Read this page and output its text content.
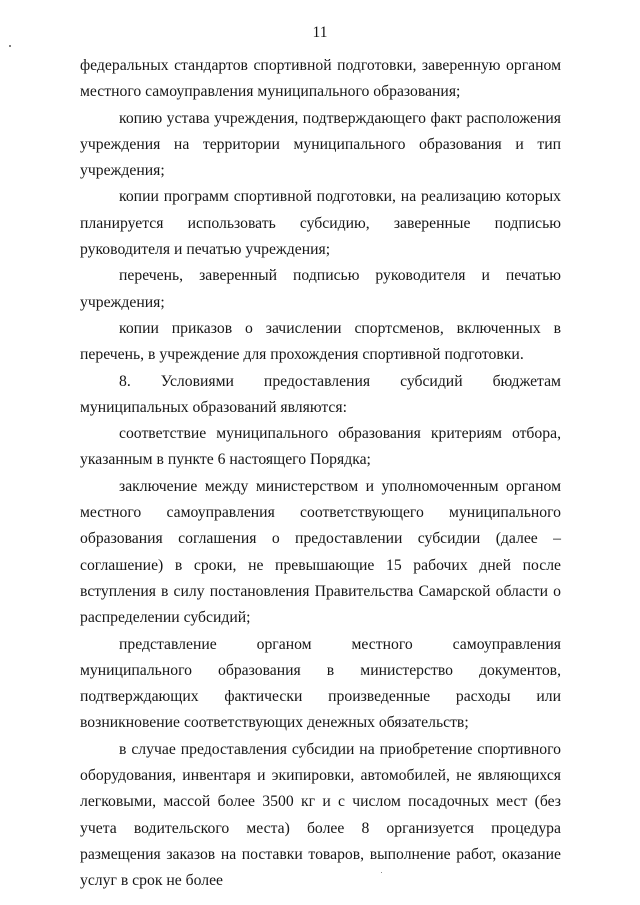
11

федеральных стандартов спортивной подготовки, заверенную органом местного самоуправления муниципального образования;

копию устава учреждения, подтверждающего факт расположения учреждения на территории муниципального образования и тип учреждения;

копии программ спортивной подготовки, на реализацию которых планируется использовать субсидию, заверенные подписью руководителя и печатью учреждения;

перечень, заверенный подписью руководителя и печатью учреждения;

копии приказов о зачислении спортсменов, включенных в перечень, в учреждение для прохождения спортивной подготовки.

8. Условиями предоставления субсидий бюджетам муниципальных образований являются:

соответствие муниципального образования критериям отбора, указанным в пункте 6 настоящего Порядка;

заключение между министерством и уполномоченным органом местного самоуправления соответствующего муниципального образования соглашения о предоставлении субсидии (далее – соглашение) в сроки, не превышающие 15 рабочих дней после вступления в силу постановления Правительства Самарской области о распределении субсидий;

представление органом местного самоуправления муниципального образования в министерство документов, подтверждающих фактически произведенные расходы или возникновение соответствующих денежных обязательств;

в случае предоставления субсидии на приобретение спортивного оборудования, инвентаря и экипировки, автомобилей, не являющихся легковыми, массой более 3500 кг и с числом посадочных мест (без учета водительского места) более 8 организуется процедура размещения заказов на поставки товаров, выполнение работ, оказание услуг в срок не более
